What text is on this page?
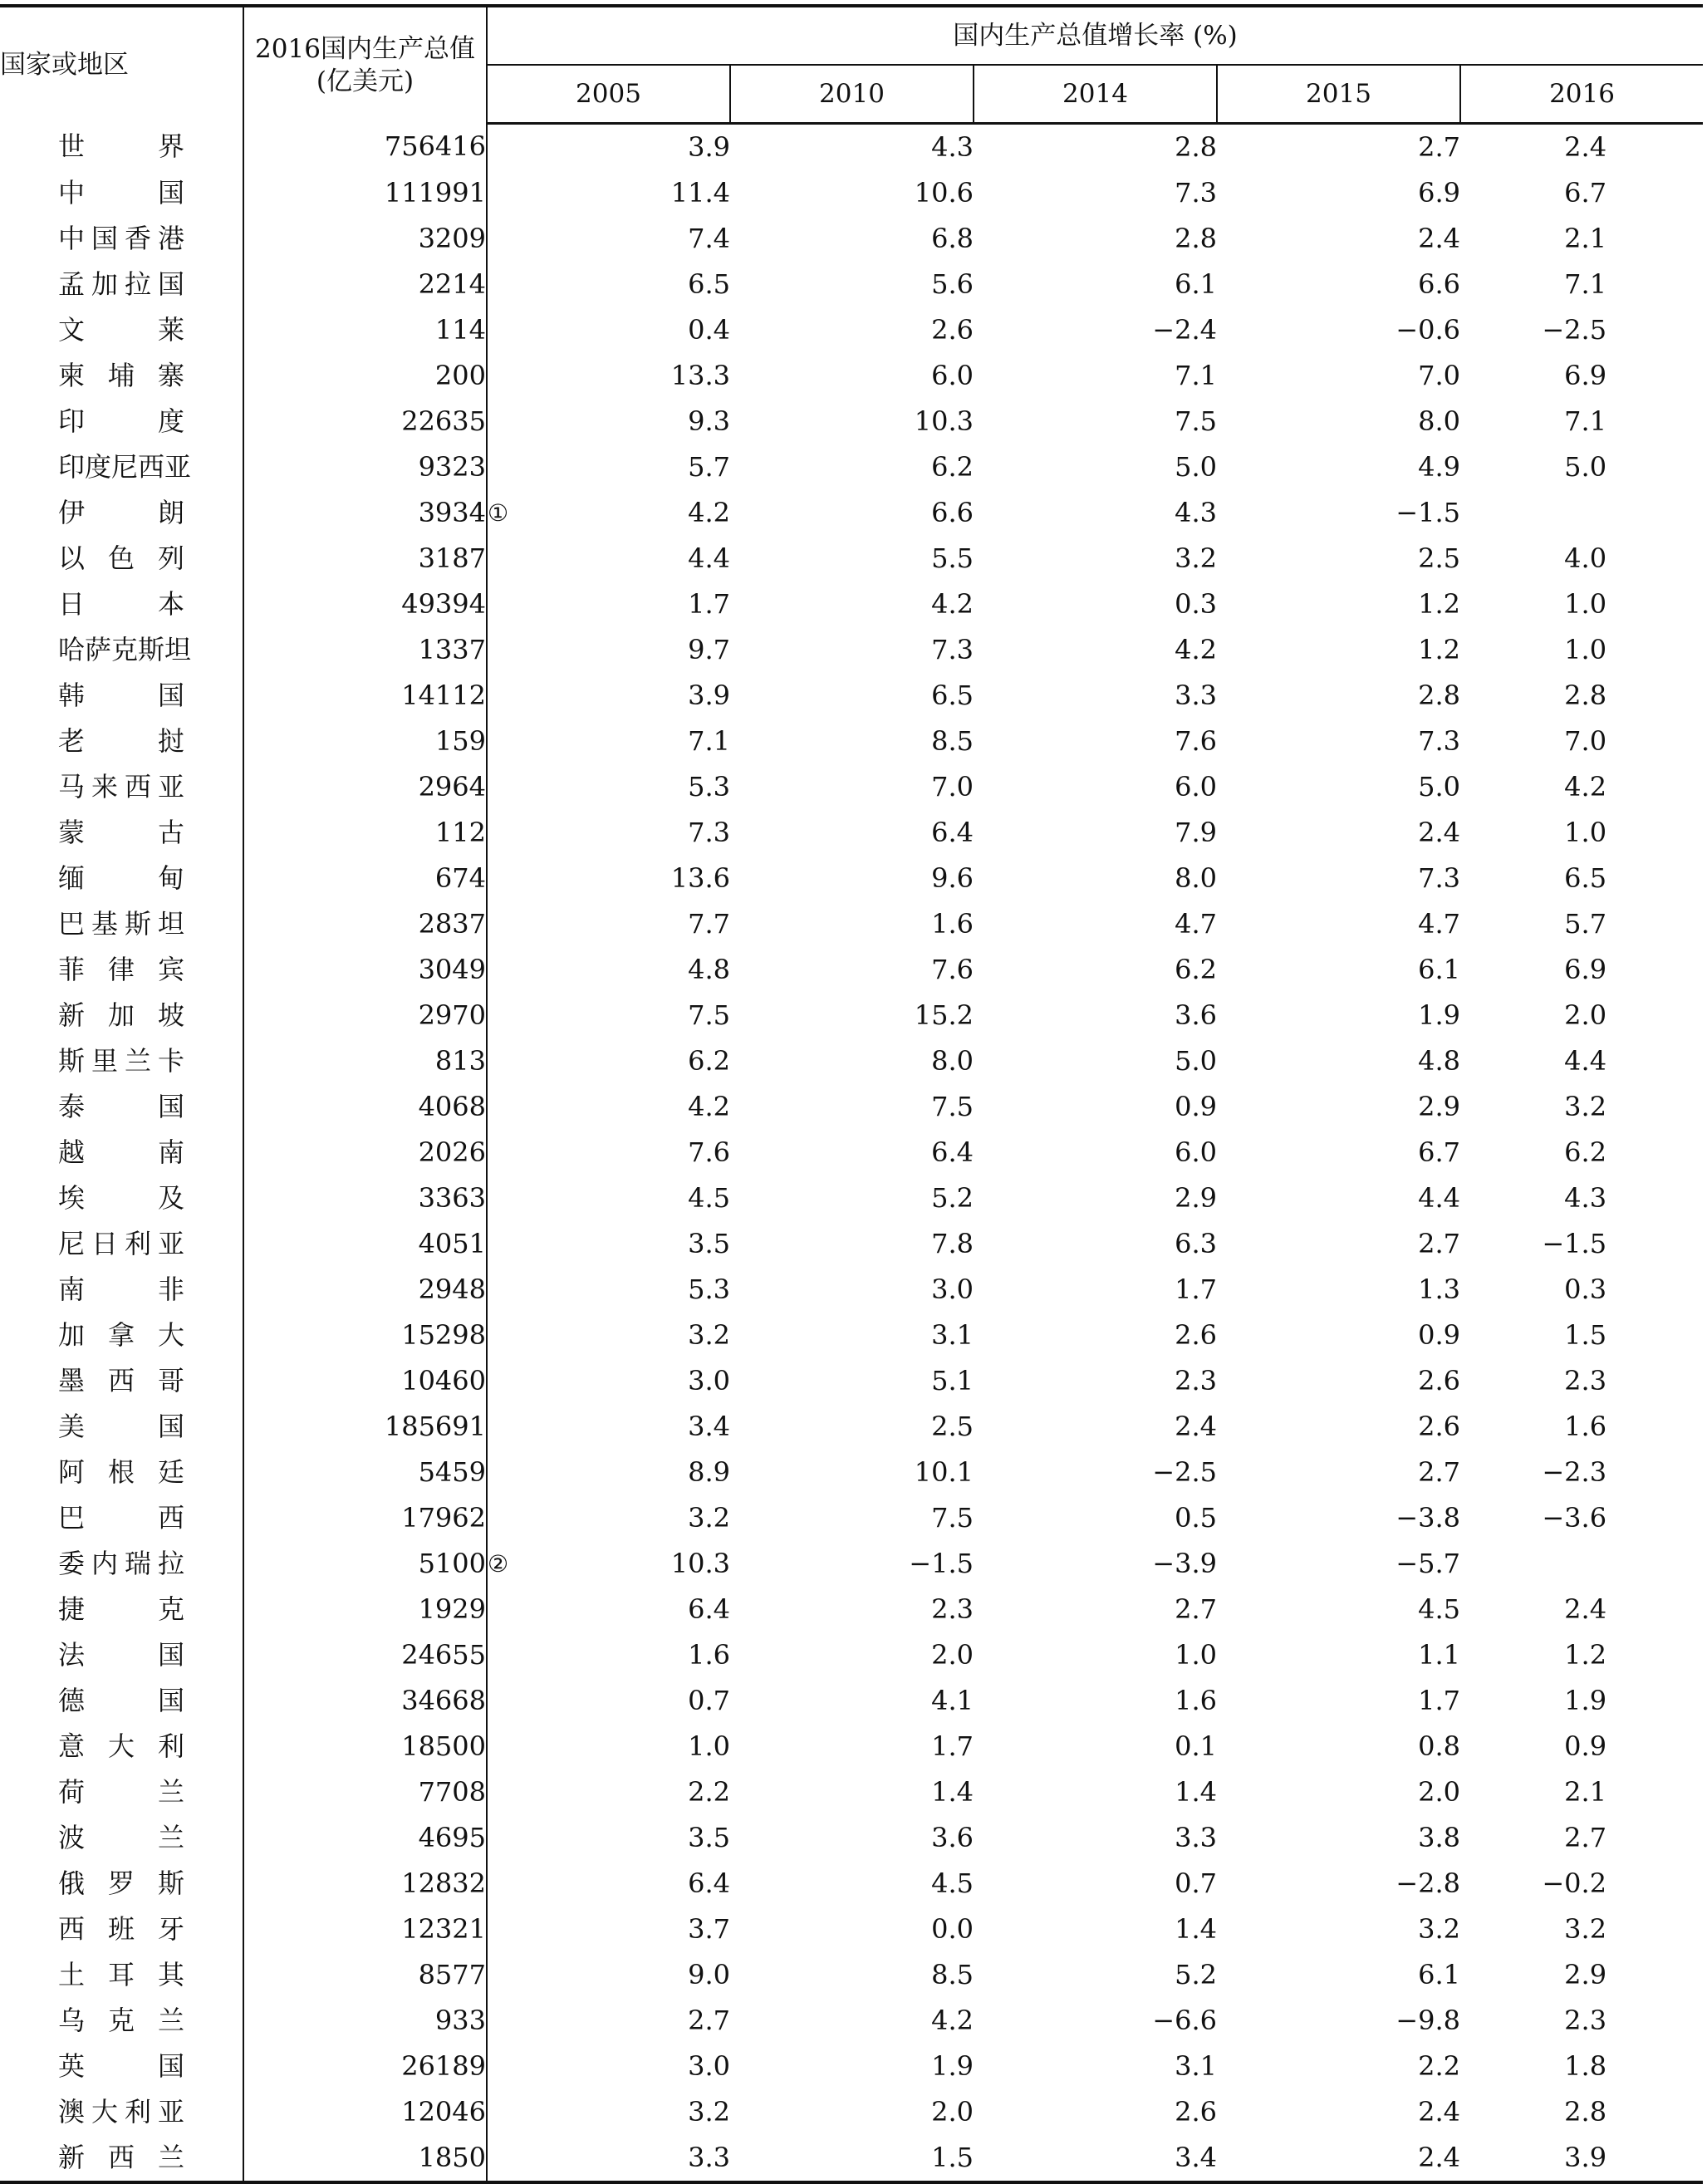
国家或地区	2016国内生产总值
(亿美元)	国内生产总值增长率 (%)				
		2005	2010	2014	2015	2016
世界	756416	3.9	4.3	2.8	2.7	2.4
中国	111991	11.4	10.6	7.3	6.9	6.7
中国香港	3209	7.4	6.8	2.8	2.4	2.1
孟加拉国	2214	6.5	5.6	6.1	6.6	7.1
文莱	114	0.4	2.6	−2.4	−0.6	−2.5
柬埔寨	200	13.3	6.0	7.1	7.0	6.9
印度	22635	9.3	10.3	7.5	8.0	7.1
印度尼西亚	9323	5.7	6.2	5.0	4.9	5.0
伊朗	3934 ①	4.2	6.6	4.3	−1.5	
以色列	3187	4.4	5.5	3.2	2.5	4.0
日本	49394	1.7	4.2	0.3	1.2	1.0
哈萨克斯坦	1337	9.7	7.3	4.2	1.2	1.0
韩国	14112	3.9	6.5	3.3	2.8	2.8
老挝	159	7.1	8.5	7.6	7.3	7.0
马来西亚	2964	5.3	7.0	6.0	5.0	4.2
蒙古	112	7.3	6.4	7.9	2.4	1.0
缅甸	674	13.6	9.6	8.0	7.3	6.5
巴基斯坦	2837	7.7	1.6	4.7	4.7	5.7
菲律宾	3049	4.8	7.6	6.2	6.1	6.9
新加坡	2970	7.5	15.2	3.6	1.9	2.0
斯里兰卡	813	6.2	8.0	5.0	4.8	4.4
泰国	4068	4.2	7.5	0.9	2.9	3.2
越南	2026	7.6	6.4	6.0	6.7	6.2
埃及	3363	4.5	5.2	2.9	4.4	4.3
尼日利亚	4051	3.5	7.8	6.3	2.7	−1.5
南非	2948	5.3	3.0	1.7	1.3	0.3
加拿大	15298	3.2	3.1	2.6	0.9	1.5
墨西哥	10460	3.0	5.1	2.3	2.6	2.3
美国	185691	3.4	2.5	2.4	2.6	1.6
阿根廷	5459	8.9	10.1	−2.5	2.7	−2.3
巴西	17962	3.2	7.5	0.5	−3.8	−3.6
委内瑞拉	5100 ②	10.3	−1.5	−3.9	−5.7	
捷克	1929	6.4	2.3	2.7	4.5	2.4
法国	24655	1.6	2.0	1.0	1.1	1.2
德国	34668	0.7	4.1	1.6	1.7	1.9
意大利	18500	1.0	1.7	0.1	0.8	0.9
荷兰	7708	2.2	1.4	1.4	2.0	2.1
波兰	4695	3.5	3.6	3.3	3.8	2.7
俄罗斯	12832	6.4	4.5	0.7	−2.8	−0.2
西班牙	12321	3.7	0.0	1.4	3.2	3.2
土耳其	8577	9.0	8.5	5.2	6.1	2.9
乌克兰	933	2.7	4.2	−6.6	−9.8	2.3
英国	26189	3.0	1.9	3.1	2.2	1.8
澳大利亚	12046	3.2	2.0	2.6	2.4	2.8
新西兰	1850	3.3	1.5	3.4	2.4	3.9
